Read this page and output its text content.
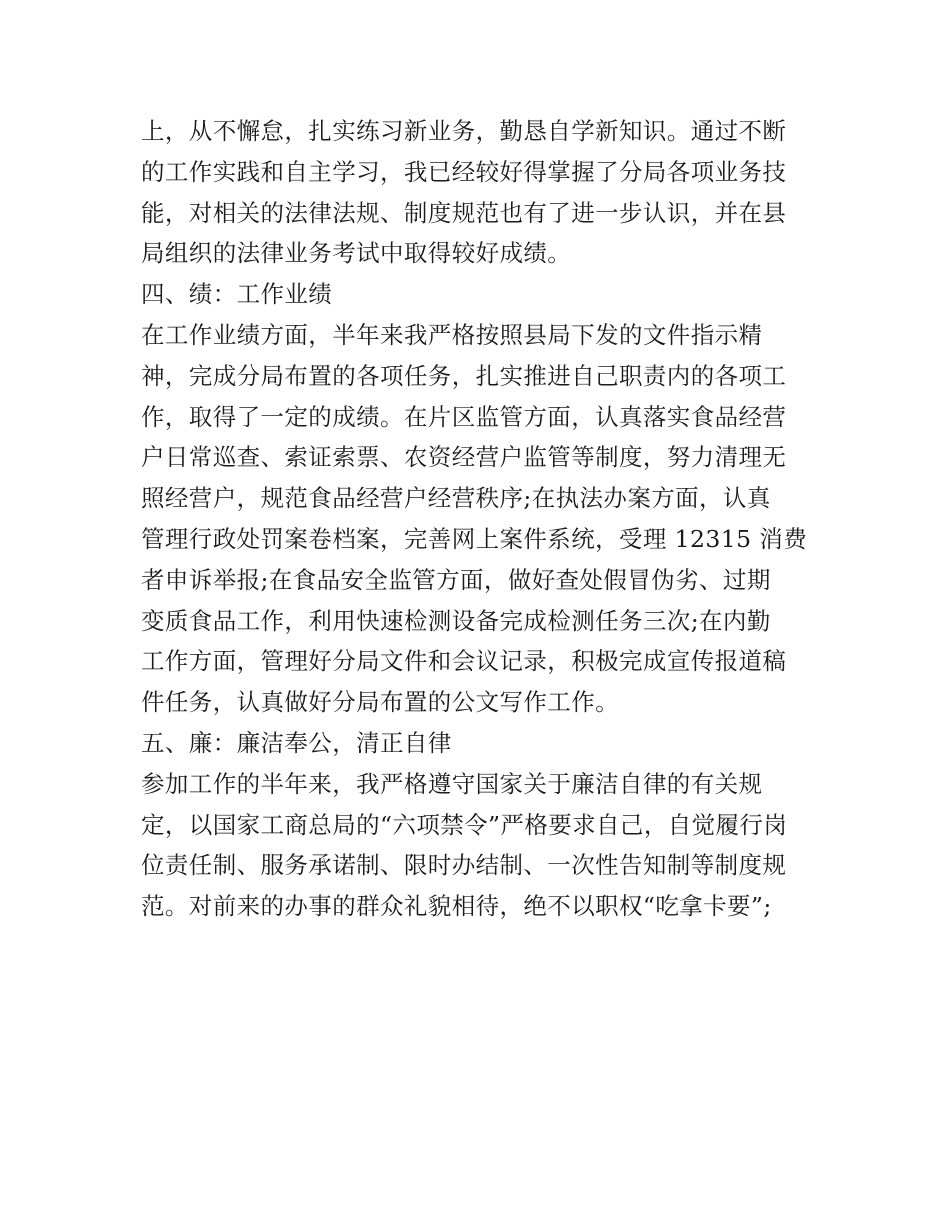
上，从不懈怠，扎实练习新业务，勤恳自学新知识。通过不断
的工作实践和自主学习，我已经较好得掌握了分局各项业务技
能，对相关的法律法规、制度规范也有了进一步认识，并在县
局组织的法律业务考试中取得较好成绩。
四、绩：工作业绩
在工作业绩方面，半年来我严格按照县局下发的文件指示精
神，完成分局布置的各项任务，扎实推进自己职责内的各项工
作，取得了一定的成绩。在片区监管方面，认真落实食品经营
户日常巡查、索证索票、农资经营户监管等制度，努力清理无
照经营户，规范食品经营户经营秩序;在执法办案方面，认真
管理行政处罚案卷档案，完善网上案件系统，受理 12315 消费
者申诉举报;在食品安全监管方面，做好查处假冒伪劣、过期
变质食品工作，利用快速检测设备完成检测任务三次;在内勤
工作方面，管理好分局文件和会议记录，积极完成宣传报道稿
件任务，认真做好分局布置的公文写作工作。
五、廉：廉洁奉公，清正自律
参加工作的半年来，我严格遵守国家关于廉洁自律的有关规
定，以国家工商总局的“六项禁令”严格要求自己，自觉履行岗
位责任制、服务承诺制、限时办结制、一次性告知制等制度规
范。对前来的办事的群众礼貌相待，绝不以职权“吃拿卡要”;
